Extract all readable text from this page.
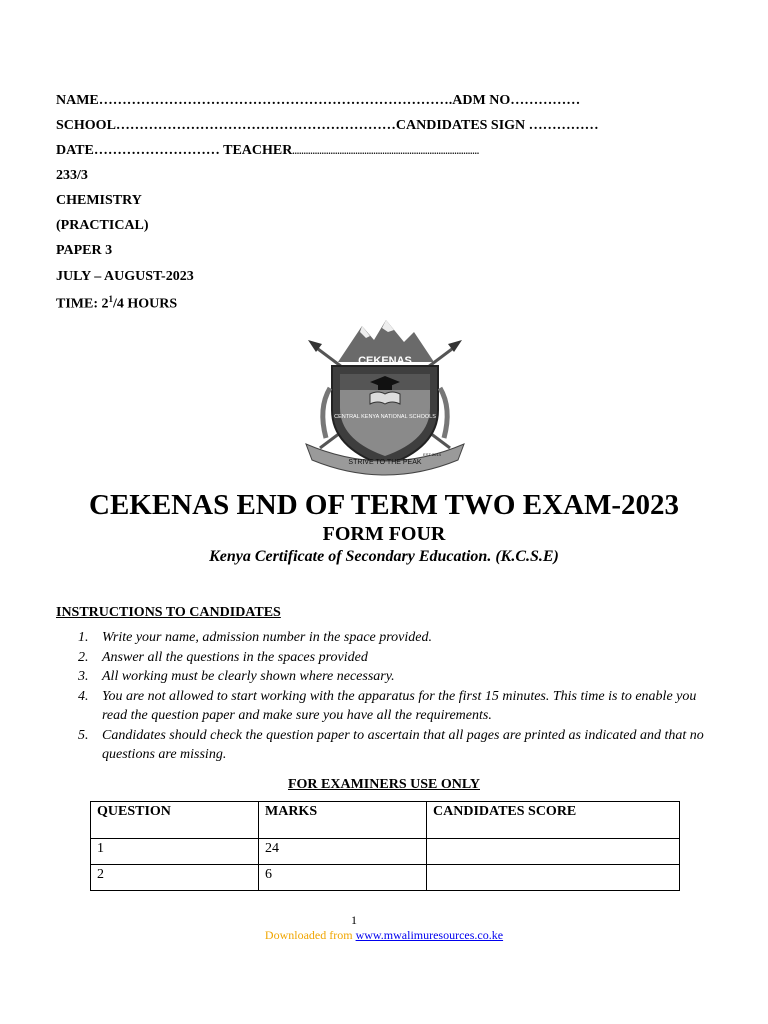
NAME………………………………………………………………….ADM NO……………
SCHOOL……………………………………………………CANDIDATES SIGN ……………
DATE……………………… TEACHER...................................................................................
233/3
CHEMISTRY
(PRACTICAL)
PAPER 3
JULY – AUGUST-2023
TIME: $2^1/4$ HOURS
CEKENAS
CENTRAL KENYA NATIONAL SCHOOLS
STRIVE TO THE PEAK
EST 2014
CEKENAS END OF TERM TWO EXAM-2023
FORM FOUR
Kenya Certificate of Secondary Education. (K.C.S.E)
INSTRUCTIONS TO CANDIDATES
1. Write your name, admission number in the space provided.
2. Answer all the questions in the spaces provided
3. All working must be clearly shown where necessary.
4. You are not allowed to start working with the apparatus for the first 15 minutes. This time is to enable you read the question paper and make sure you have all the requirements.
5. Candidates should check the question paper to ascertain that all pages are printed as indicated and that no questions are missing.
FOR EXAMINERS USE ONLY
QUESTION	MARKS	CANDIDATES SCORE
1	24	
2	6	
1
Downloaded from www.mwalimuresources.co.ke
